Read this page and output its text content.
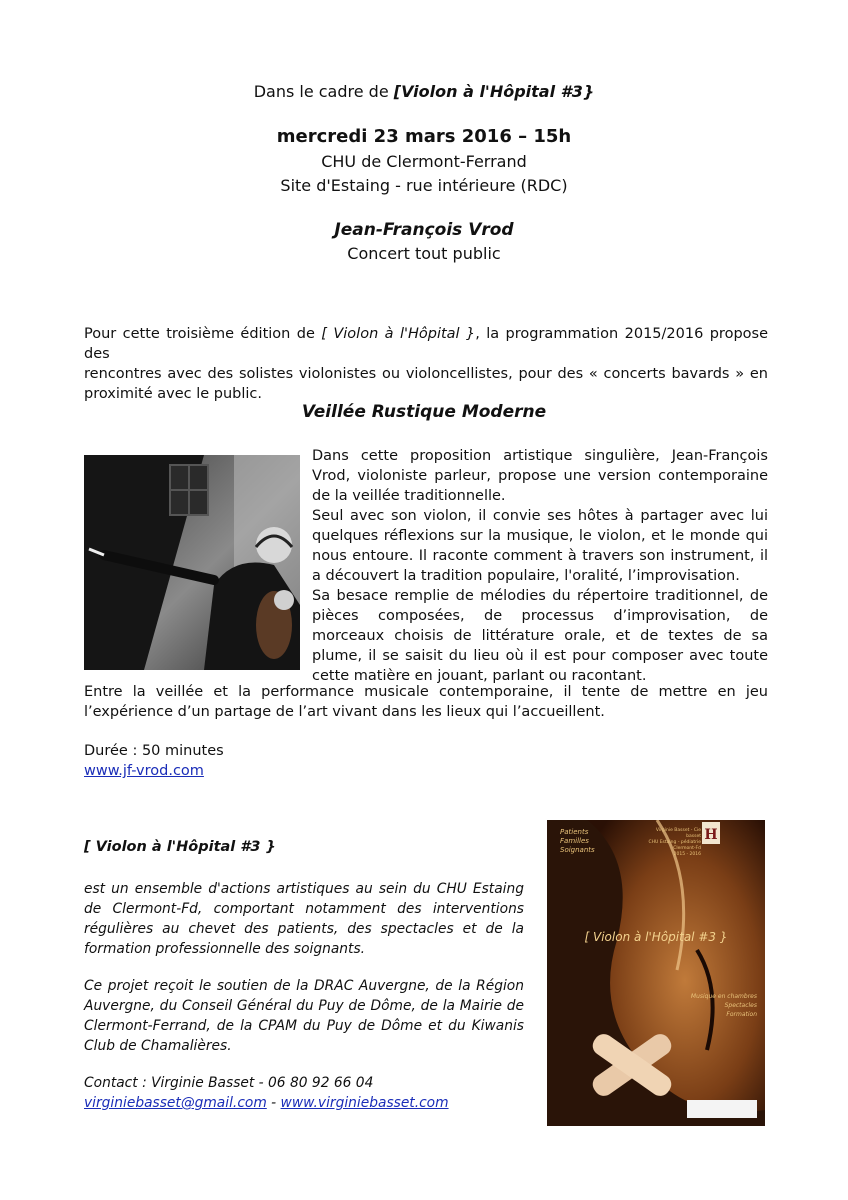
Dans le cadre de [Violon à l'Hôpital #3}
mercredi 23 mars 2016 – 15h
CHU de Clermont-Ferrand
Site d'Estaing - rue intérieure (RDC)
Jean-François Vrod
Concert tout public
Pour cette troisième édition de [ Violon à l'Hôpital }, la programmation 2015/2016 propose des
rencontres avec des solistes violonistes ou violoncellistes, pour des « concerts bavards » en
proximité avec le public.
Veillée Rustique Moderne
Dans cette proposition artistique singulière, Jean-François Vrod, violoniste parleur, propose une version contemporaine de la veillée traditionnelle.
Seul avec son violon, il convie ses hôtes à partager avec lui quelques réflexions sur la musique, le violon, et le monde qui nous entoure. Il raconte comment à travers son instrument, il a découvert la tradition populaire, l'oralité, l’improvisation.
Sa besace remplie de mélodies du répertoire traditionnel, de pièces composées, de processus d’improvisation, de morceaux choisis de littérature orale, et de textes de sa plume, il se saisit du lieu où il est pour composer avec toute cette matière en jouant, parlant ou racontant.
Entre la veillée et la performance musicale contemporaine, il tente de mettre en jeu l’expérience d’un partage de l’art vivant dans les lieux qui l’accueillent.
Durée : 50 minutes
www.jf-vrod.com
[ Violon à l'Hôpital #3 }
est un ensemble d'actions artistiques au sein du CHU Estaing de Clermont-Fd, comportant notamment des interventions régulières au chevet des patients, des spectacles et de la formation professionnelle des soignants.
Ce projet reçoit le soutien de la DRAC Auvergne, de la Région Auvergne, du Conseil Général du Puy de Dôme, de la Mairie de Clermont-Ferrand, de la CPAM du Puy de Dôme et du Kiwanis Club de Chamalières.
Contact : Virginie Basset - 06 80 92 66 04
virginiebasset@gmail.com - www.virginiebasset.com
H
Patients
Familles
Soignants
Virginie Basset - Cie basset
CHU Estaing - pédiatrie
Clermont-Fd
2015 - 2016
[ Violon à l'Hôpital #3 }
Musique en chambres
Spectacles
Formation
